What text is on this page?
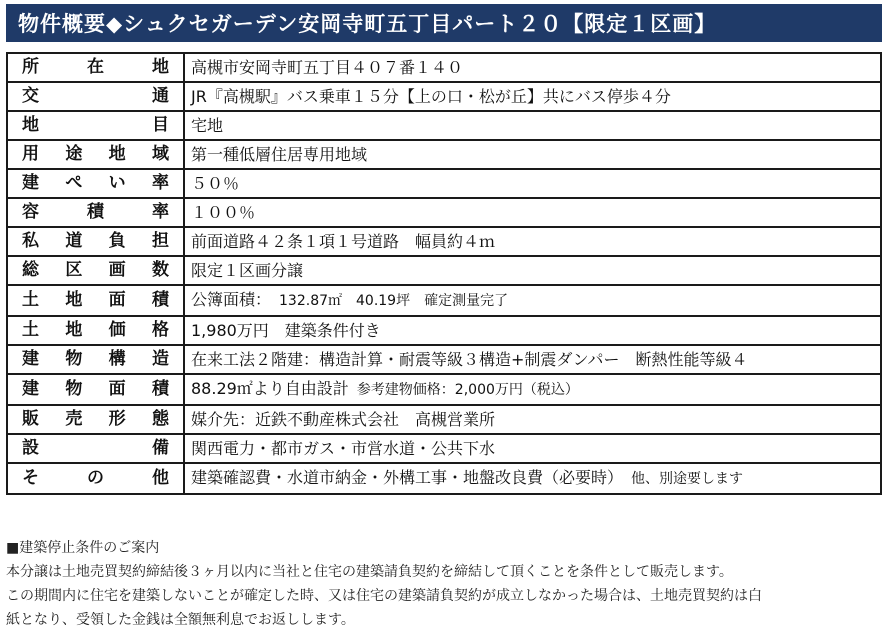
物件概要◆シュクセガーデン安岡寺町五丁目パート２０【限定１区画】
所在地	高槻市安岡寺町五丁目４０７番１４０
交通	JR『高槻駅』バス乗車１５分【上の口・松が丘】共にバス停歩４分
地目	宅地
用途地域	第一種低層住居専用地域
建ぺい率	５０％
容積率	１００％
私道負担	前面道路４２条１項１号道路　幅員約４ｍ
総区画数	限定１区画分譲
土地面積	公簿面積： 132.87㎡　40.19坪　確定測量完了
土地価格	1,980万円　建築条件付き
建物構造	在来工法２階建：構造計算・耐震等級３構造+制震ダンパー　断熱性能等級４
建物面積	88.29㎡より自由設計 参考建物価格：2,000万円（税込）
販売形態	媒介先：近鉄不動産株式会社　高槻営業所
設備	関西電力・都市ガス・市営水道・公共下水
その他	建築確認費・水道市納金・外構工事・地盤改良費（必要時） 他、別途要します
■建築停止条件のご案内
本分譲は土地売買契約締結後３ヶ月以内に当社と住宅の建築請負契約を締結して頂くことを条件として販売します。
この期間内に住宅を建築しないことが確定した時、又は住宅の建築請負契約が成立しなかった場合は、土地売買契約は白
紙となり、受領した金銭は全額無利息でお返しします。
